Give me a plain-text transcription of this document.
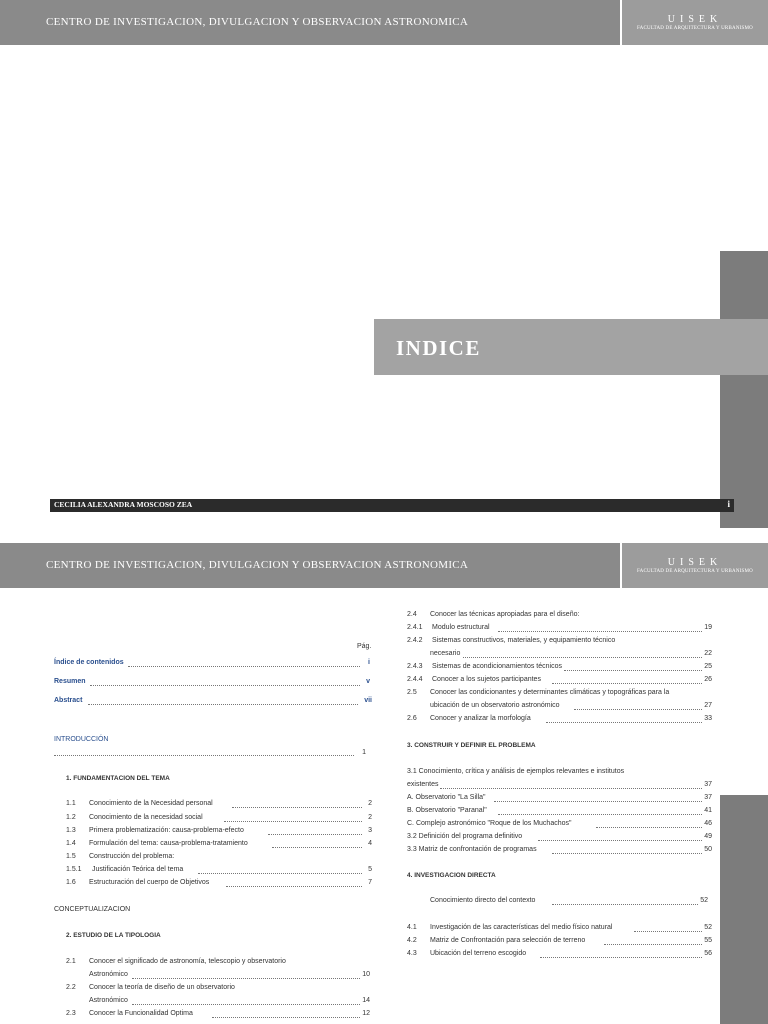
CENTRO DE INVESTIGACION, DIVULGACION Y OBSERVACION ASTRONOMICA	UISEK
FACULTAD DE ARQUITECTURA Y URBANISMO
INDICE
CECILIA ALEXANDRA MOSCOSO ZEA	i
CENTRO DE INVESTIGACION, DIVULGACION Y OBSERVACION ASTRONOMICA	UISEK
FACULTAD DE ARQUITECTURA Y URBANISMO
Pág.
Índice de contenidos	i
Resumen	v
Abstract	vii
INTRODUCCIÓN
1
1. FUNDAMENTACION DEL TEMA
1.1 Conocimiento de la Necesidad personal	2
1.2 Conocimiento de la necesidad social	2
1.3 Primera problematización: causa-problema-efecto	3
1.4 Formulación del tema: causa-problema-tratamiento	4
1.5 Construcción del problema:
1.5.1 Justificación Teórica del tema	5
1.6 Estructuración del cuerpo de Objetivos	7
CONCEPTUALIZACION
2. ESTUDIO DE LA TIPOLOGIA
2.1 Conocer el significado de astronomía, telescopio y observatorio
Astronómico	10
2.2 Conocer la teoría de diseño de un observatorio
Astronómico	14
2.3 Conocer la Funcionalidad Optima	12
2.4 Conocer las técnicas apropiadas para el diseño:
2.4.1 Modulo estructural	19
2.4.2 Sistemas constructivos, materiales, y equipamiento técnico
necesario	22
2.4.3 Sistemas de acondicionamientos técnicos	25
2.4.4 Conocer a los sujetos participantes	26
2.5 Conocer las condicionantes y determinantes climáticas y topográficas para la
ubicación de un observatorio astronómico	27
2.6 Conocer y analizar la morfología	33
3. CONSTRUIR Y DEFINIR EL PROBLEMA
3.1 Conocimiento, crítica y análisis de ejemplos relevantes e institutos
existentes	37
A. Observatorio "La Silla"	37
B. Observatorio "Paranal"	41
C. Complejo astronómico "Roque de los Muchachos"	46
3.2 Definición del programa definitivo	49
3.3 Matriz de confrontación de programas	50
4. INVESTIGACION DIRECTA
Conocimiento directo del contexto	52
4.1 Investigación de las características del medio físico natural	52
4.2 Matriz de Confrontación para selección de terreno	55
4.3 Ubicación del terreno escogido	56
